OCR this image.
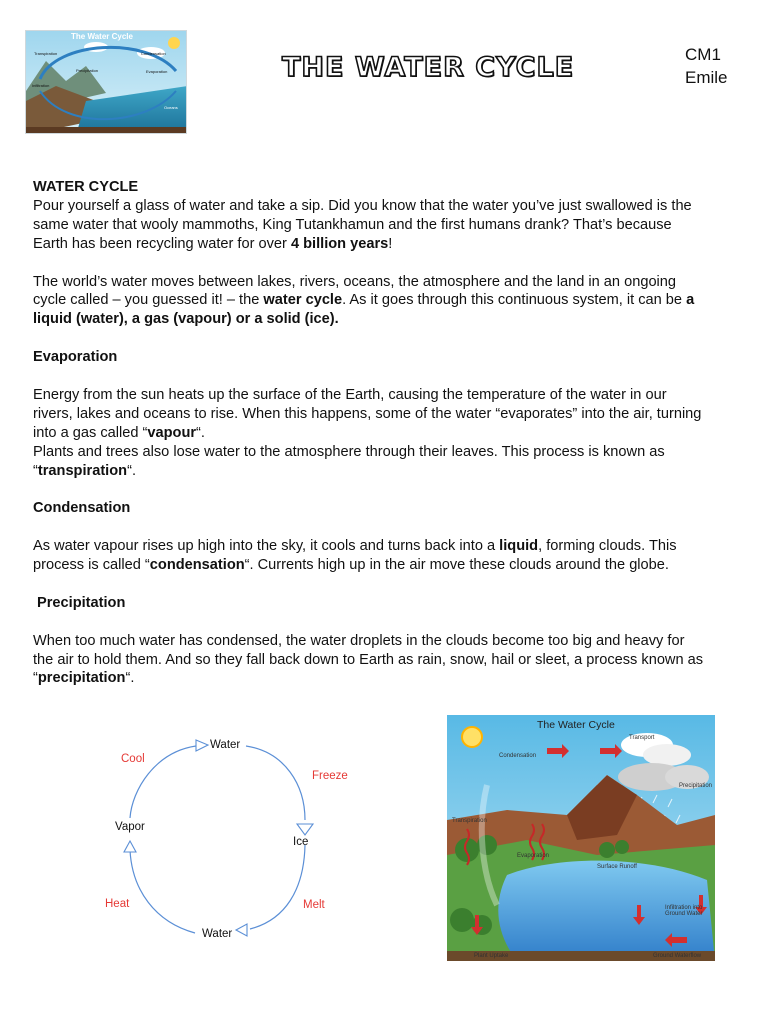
The Water Cycle
Condensation
Evaporation
Precipitation
Infiltration
Oceans
Transpiration	THE WATER CYCLE	CM1
Emile

WATER CYCLE

Pour yourself a glass of water and take a sip. Did you know that the water you’ve just swallowed is the

same water that wooly mammoths, King Tutankhamun and the first humans drank? That’s because

Earth has been recycling water for over 4 billion years!

The world’s water moves between lakes, rivers, oceans, the atmosphere and the land in an ongoing

cycle called – you guessed it! – the water cycle. As it goes through this continuous system, it can be a

liquid (water), a gas (vapour) or a solid (ice).

Evaporation

Energy from the sun heats up the surface of the Earth, causing the temperature of the water in our

rivers, lakes and oceans to rise. When this happens, some of the water “evaporates” into the air, turning

into a gas called “vapour“.

Plants and trees also lose water to the atmosphere through their leaves. This process is known as

“transpiration“.

Condensation

As water vapour rises up high into the sky, it cools and turns back into a liquid, forming clouds. This

process is called “condensation“. Currents high up in the air move these clouds around the globe.

Precipitation

When too much water has condensed, the water droplets in the clouds become too big and heavy for

the air to hold them. And so they fall back down to Earth as rain, snow, hail or sleet, a process known as

“precipitation“.

Water
Ice
Water
Vapor
Cool
Freeze
Melt
Heat
The Water Cycle
Transport
Condensation
Precipitation
Transpiration
Evaporation
Surface Runoff
Infiltration into Ground Water
Plant Uptake	Ground Waterflow
